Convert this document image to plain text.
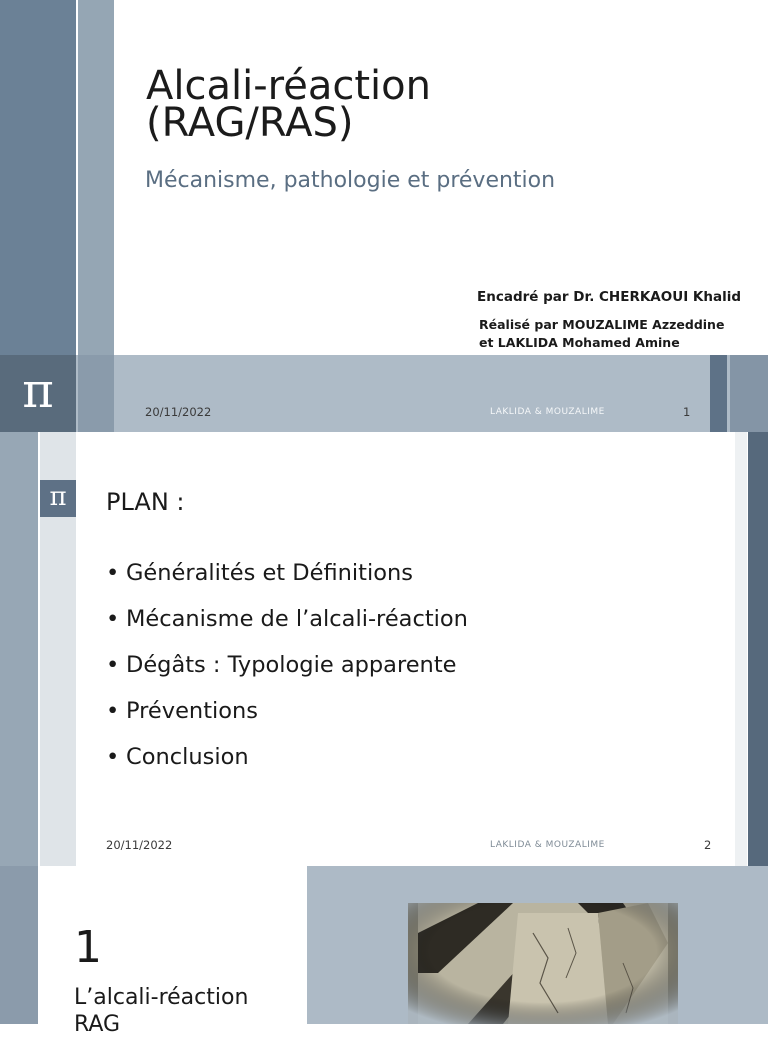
Alcali-réaction
(RAG/RAS)
Mécanisme, pathologie et prévention
Encadré par Dr. CHERKAOUI Khalid
Réalisé par MOUZALIME Azzeddine
et LAKLIDA Mohamed Amine
π	20/11/2022	LAKLIDA & MOUZALIME	1
π	PLAN :
• Généralités et Définitions
• Mécanisme de l’alcali-réaction
• Dégâts : Typologie apparente
• Préventions
• Conclusion
20/11/2022	LAKLIDA & MOUZALIME	2
1
L’alcali-réaction
RAG
